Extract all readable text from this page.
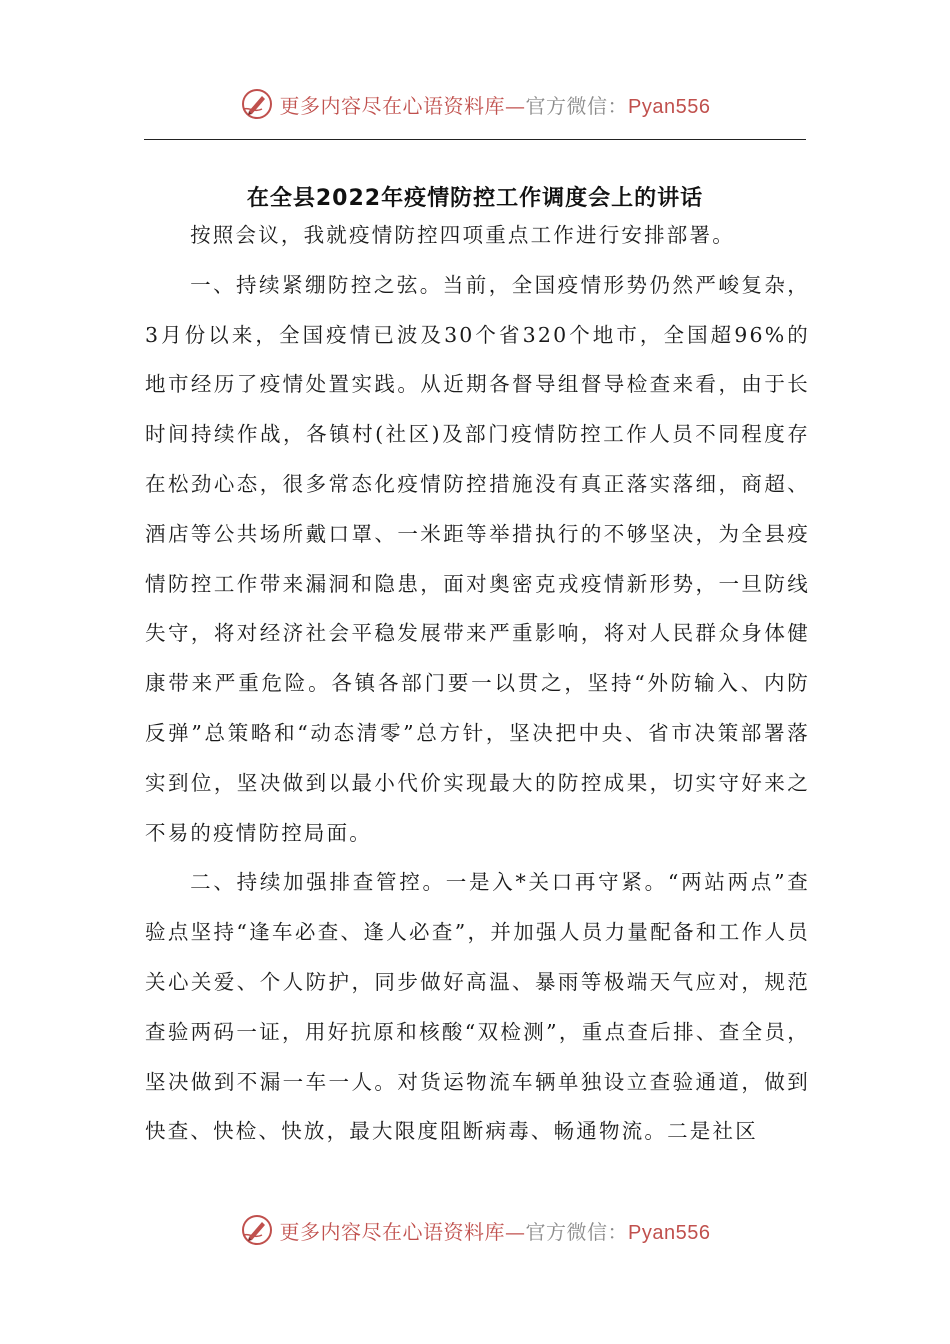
更多内容尽在心语资料库—官方微信：Pyan556
在全县2022年疫情防控工作调度会上的讲话

按照会议，我就疫情防控四项重点工作进行安排部署。

一、持续紧绷防控之弦。当前，全国疫情形势仍然严峻复杂，3月份以来，全国疫情已波及30个省320个地市，全国超96%的地市经历了疫情处置实践。从近期各督导组督导检查来看，由于长时间持续作战，各镇村(社区)及部门疫情防控工作人员不同程度存在松劲心态，很多常态化疫情防控措施没有真正落实落细，商超、酒店等公共场所戴口罩、一米距等举措执行的不够坚决，为全县疫情防控工作带来漏洞和隐患，面对奥密克戎疫情新形势，一旦防线失守，将对经济社会平稳发展带来严重影响，将对人民群众身体健康带来严重危险。各镇各部门要一以贯之，坚持“外防输入、内防反弹”总策略和“动态清零”总方针，坚决把中央、省市决策部署落实到位，坚决做到以最小代价实现最大的防控成果，切实守好来之不易的疫情防控局面。

二、持续加强排查管控。一是入*关口再守紧。“两站两点”查验点坚持“逢车必查、逢人必查”，并加强人员力量配备和工作人员关心关爱、个人防护，同步做好高温、暴雨等极端天气应对，规范查验两码一证，用好抗原和核酸“双检测”，重点查后排、查全员，坚决做到不漏一车一人。对货运物流车辆单独设立查验通道，做到快查、快检、快放，最大限度阻断病毒、畅通物流。二是社区

更多内容尽在心语资料库—官方微信：Pyan556
